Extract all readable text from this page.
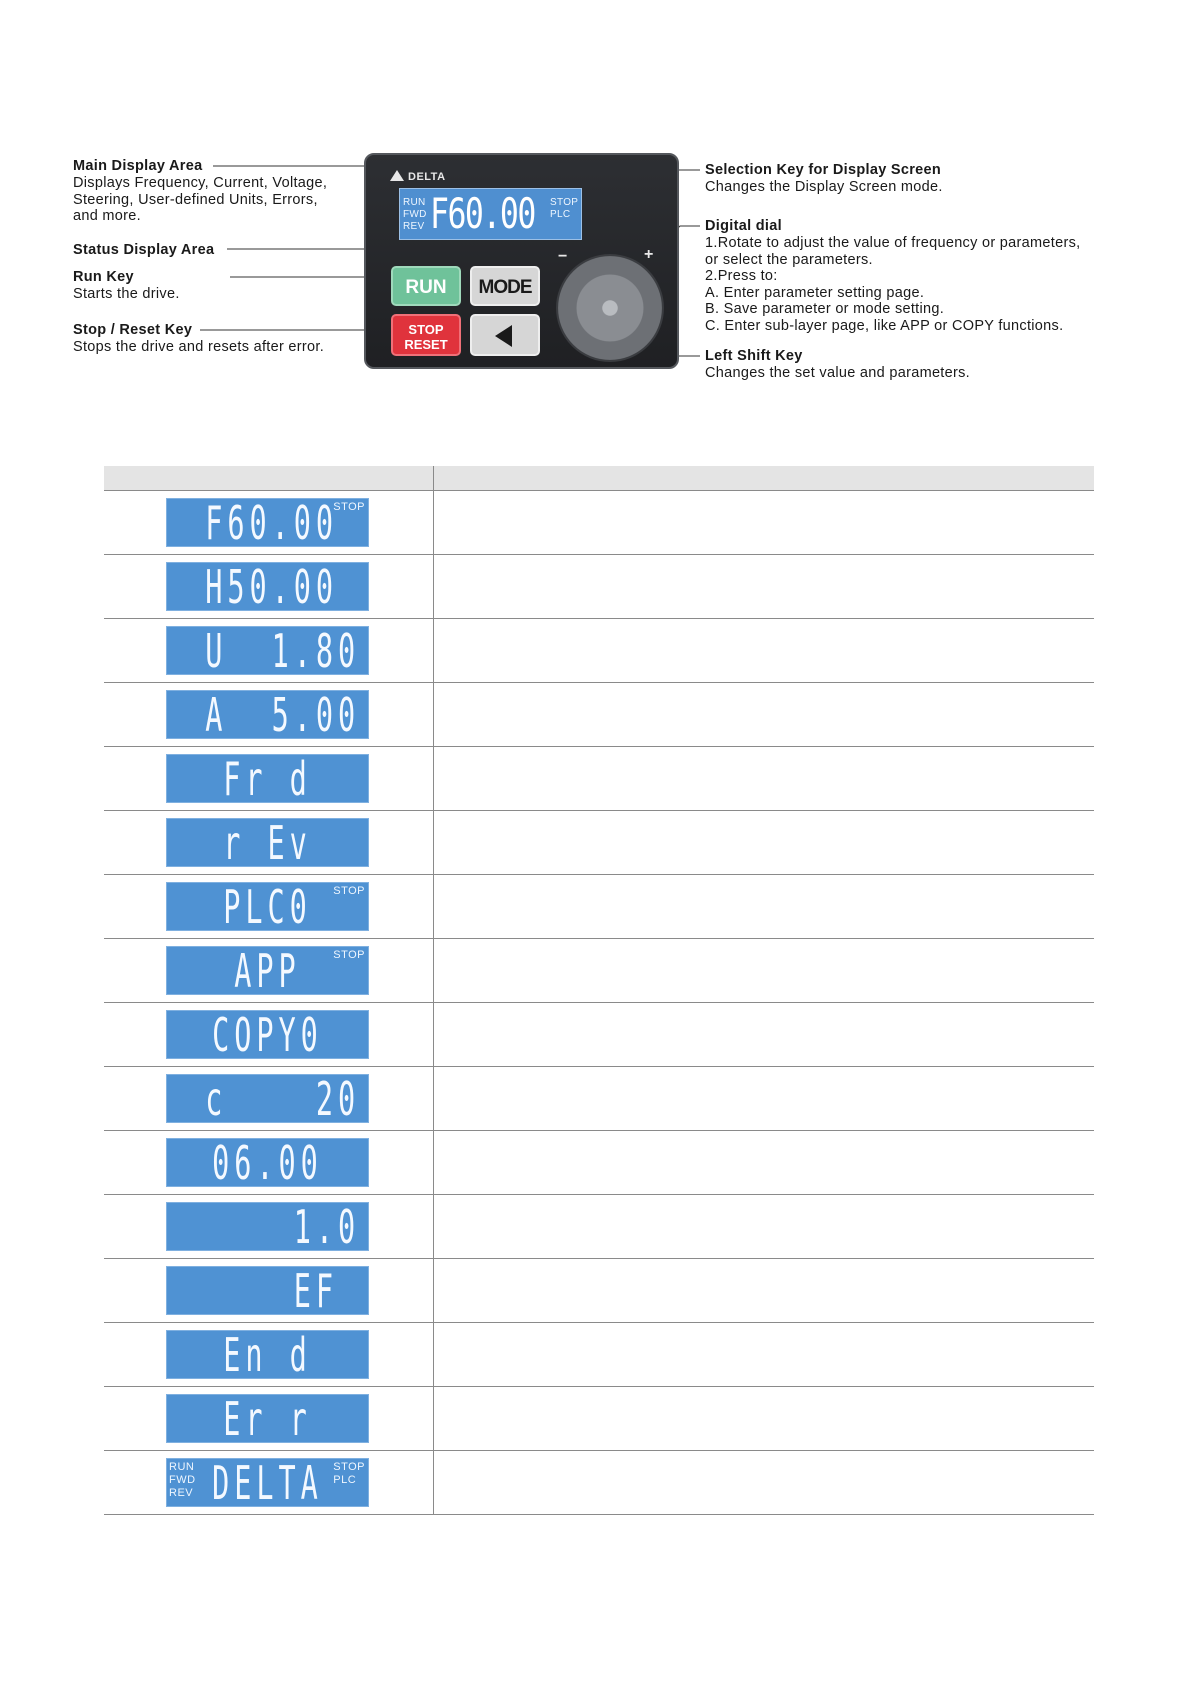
Main Display Area
Displays Frequency, Current, Voltage,
Steering, User-defined Units, Errors,
and more.
Status Display Area
Run Key
Starts the drive.
Stop / Reset Key
Stops the drive and resets after error.
Selection Key for Display Screen
Changes the Display Screen mode.
Digital dial
1.Rotate to adjust the value of frequency or parameters,
or select the parameters.
2.Press to:
A. Enter parameter setting page.
B. Save parameter or mode setting.
C. Enter sub-layer page, like APP or COPY functions.
Left Shift Key
Changes the set value and parameters.
DELTA
RUN
FWD
REV F60.00 STOP
PLC
RUN	MODE
STOP
RESET
−	+
F60.00
STOP
H50.00
U  1.80
A  5.00
Fr d
r Ev
PLC0	STOP
APP	STOP
COPY0
c    20
06.00
1.0
EF
En d
Er r
DELTA
RUN
FWD
REV
STOP
PLC
